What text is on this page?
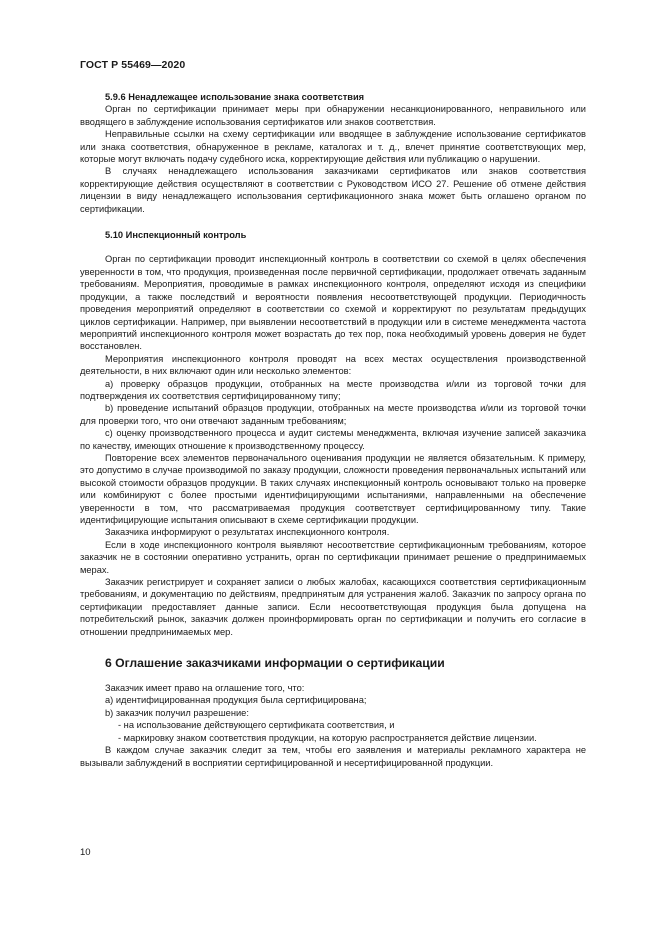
ГОСТ Р 55469—2020

5.9.6 Ненадлежащее использование знака соответствия

Орган по сертификации принимает меры при обнаружении несанкционированного, неправильного или вводящего в заблуждение использования сертификатов или знаков соответствия.

Неправильные ссылки на схему сертификации или вводящее в заблуждение использование сертификатов или знака соответствия, обнаруженное в рекламе, каталогах и т. д., влечет принятие соответствующих мер, которые могут включать подачу судебного иска, корректирующие действия или публикацию о нарушении.

В случаях ненадлежащего использования заказчиками сертификатов или знаков соответствия корректирующие действия осуществляют в соответствии с Руководством ИСО 27. Решение об отмене действия лицензии в виду ненадлежащего использования сертификационного знака может быть оглашено органом по сертификации.

5.10 Инспекционный контроль

Орган по сертификации проводит инспекционный контроль в соответствии со схемой в целях обеспечения уверенности в том, что продукция, произведенная после первичной сертификации, продолжает отвечать заданным требованиям. Мероприятия, проводимые в рамках инспекционного контроля, определяют исходя из специфики продукции, а также последствий и вероятности появления несоответствующей продукции. Периодичность проведения мероприятий определяют в соответствии со схемой и корректируют по результатам предыдущих циклов сертификации. Например, при выявлении несоответствий в продукции или в системе менеджмента частота мероприятий инспекционного контроля может возрастать до тех пор, пока необходимый уровень доверия не будет восстановлен.

Мероприятия инспекционного контроля проводят на всех местах осуществления производственной деятельности, в них включают один или несколько элементов:

а) проверку образцов продукции, отобранных на месте производства и/или из торговой точки для подтверждения их соответствия сертифицированному типу;

b) проведение испытаний образцов продукции, отобранных на месте производства и/или из торговой точки для проверки того, что они отвечают заданным требованиям;

с) оценку производственного процесса и аудит системы менеджмента, включая изучение записей заказчика по качеству, имеющих отношение к производственному процессу.

Повторение всех элементов первоначального оценивания продукции не является обязательным. К примеру, это допустимо в случае производимой по заказу продукции, сложности проведения первоначальных испытаний или высокой стоимости образцов продукции. В таких случаях инспекционный контроль основывают только на проверке или комбинируют с более простыми идентифицирующими испытаниями, направленными на обеспечение уверенности в том, что рассматриваемая продукция соответствует сертифицированному типу. Такие идентифицирующие испытания описывают в схеме сертификации продукции.

Заказчика информируют о результатах инспекционного контроля.

Если в ходе инспекционного контроля выявляют несоответствие сертификационным требованиям, которое заказчик не в состоянии оперативно устранить, орган по сертификации принимает решение о предпринимаемых мерах.

Заказчик регистрирует и сохраняет записи о любых жалобах, касающихся соответствия сертификационным требованиям, и документацию по действиям, предпринятым для устранения жалоб. Заказчик по запросу органа по сертификации предоставляет данные записи. Если несоответствующая продукция была допущена на потребительский рынок, заказчик должен проинформировать орган по сертификации и получить его согласие в отношении предпринимаемых мер.

6 Оглашение заказчиками информации о сертификации

Заказчик имеет право на оглашение того, что:

а) идентифицированная продукция была сертифицирована;

b) заказчик получил разрешение:

- на использование действующего сертификата соответствия, и

- маркировку знаком соответствия продукции, на которую распространяется действие лицензии.

В каждом случае заказчик следит за тем, чтобы его заявления и материалы рекламного характера не вызывали заблуждений в восприятии сертифицированной и несертифицированной продукции.

10
